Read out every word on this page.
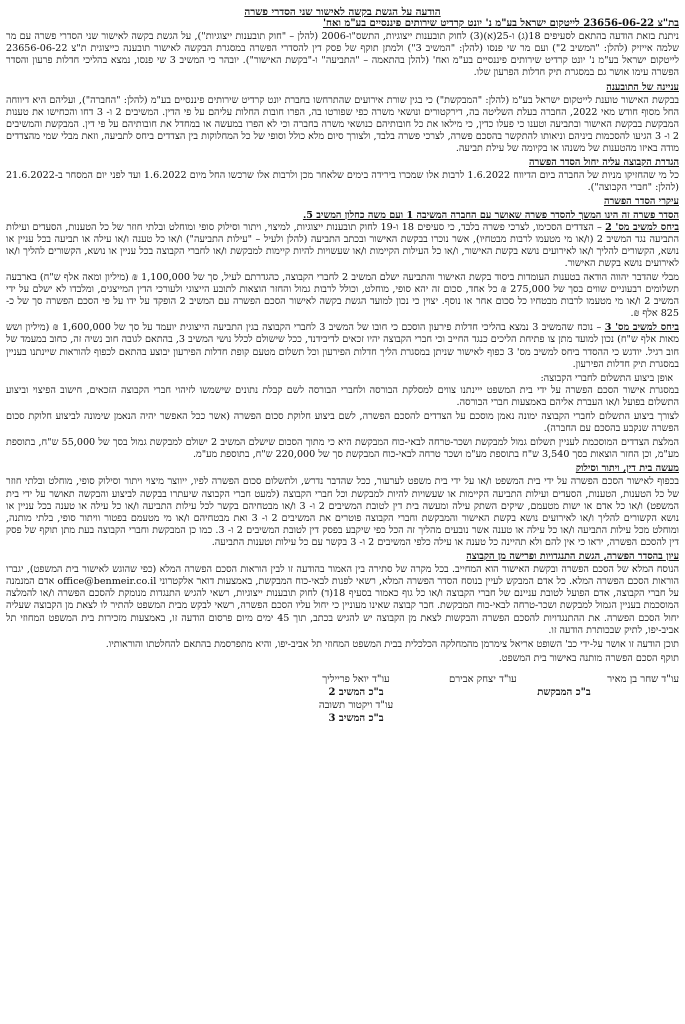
הודעה על הגשת בקשה לאישור שני הסדרי פשרה
בת"צ 23656-06-22 לייטקום ישראל בע"מ נ' יונט קרדיט שירותים פיננסיים בע"מ ואח'

ניתנת בזאת הודעה בהתאם לסעיפים 18(ג) ו-25(א)(3) לחוק תובענות ייצוגיות, התשס"ו-2006 (להלן – "חוק תובענות ייצוגיות"), על הגשת בקשה לאישור שני הסדרי פשרה עם מר שלמה אייזיק (להלן: "המשיב 2") ועם מר שי פנסו (להלן: "המשיב 3") ולמתן תוקף של פסק דין להסדרי הפשרה במסגרת הבקשה לאישור תובענה כייצוגית ת"צ 23656-06-22 לייטקום ישראל בע"מ נ' יונט קרדיט שירותים פיננסיים בע"מ ואח' (להלן בהתאמה – "התביעה" ו-"בקשת האישור"). יובהר כי המשיב 3 שי פנסו, נמצא בהליכי חדלות פרעון והסדר הפשרה עימו אושר גם במסגרת תיק חדלות הפרעון שלו.

עניינה של התובענה

בבקשת האישור טוענת לייטקום ישראל בע"מ (להלן: "המבקשת") כי בגין שורת אירועים שהתרחשו בחברת יונט קרדיט שירותים פיננסיים בע"מ (להלן: "החברה"), ועליהם היא דיווחה החל מסוף חודש מאי 2022, החברה בעלת השליטה בה, דירקטורים ונושאי משרה כפי שפורטו בה, הפרו חובות החלות עליהם על פי הדין. המשיבים 2 ו- 3 דחו והכחישו את טענות המבקשת בבקשת האישור ובתביעה וטענו כי פעלו כדין, כי מילאו את כל חובותיהם כנושאי משרה בחברה וכי לא הפרו במעשה או במחדל את חובותיהם על פי דין. המבקשת והמשיבים 2 ו- 3 הגיעו להסכמות ביניהם וניאותו להתקשר בהסכם פשרה, לצרכי פשרה בלבד, ולצורך סיום מלא כולל וסופי של כל המחלוקות בין הצדדים ביחס לתביעה, וזאת מבלי שמי מהצדדים מודה באיזו מהטענות של משנהו או בקיומה של עילת תביעה.

הגדרת הקבוצה עליה יחול הסדר הפשרה

כל מי שהחזיקו מניות של החברה ביום הדיווח 1.6.2022 לרבות אלו שמכרו בירידה בימים שלאחר מכן ולרבות אלו שרכשו החל מיום 1.6.2022 ועד לפני יום המסחר ב-21.6.2022 (להלן: "חברי הקבוצה").

עיקרי הסדר הפשרה
הסדר פשרה זה הינו המשך להסדר פשרה שאושר עם החברה המשיבה 1 ועם משה כחלון המשיב 5.

ביחס למשיב מס' 2 – הצדדים הסכימו, לצרכי פשרה בלבד, כי סעיפים 18 ו-19 לחוק תובענות ייצוגיות, למיצוי, ויתור וסילוק סופי ומוחלט ובלתי חוזר של כל הטענות, הסעדים ועילות התביעה נגד המשיב 2 (ו/או מי מטעמו לרבות מבטחיו), אשר נוכרו בבקשת האישור ובכתב התביעה (להלן ולעיל – "עילות התביעה") ו/או כל טענה ו/או עילה או תביעה בכל עניין או נושא, הקשורים להליך ו/או לאירועים נושא בקשת האישור, ו/או כל העילות הקיימות ו/או שעשויות להיות קיימות למבקשת ו/או לחברי הקבוצה בכל עניין או נושא, הקשורים להליך ו/או לאירועים נושא בקשת האישור.

מבלי שהדבר יהווה הודאה בטענות העומדות ביסוד בקשת האישור והתביעה ישלם המשיב 2 לחברי הקבוצה, כהגדרתם לעיל, סך של 1,100,000 ₪ (מיליון ומאה אלף ש"ח) בארבעה תשלומים רבעוניים שווים בסך של 275,000 ₪ כל אחד, סכום זה יהא סופי, מוחלט, וכולל לרבות גמול והחזר הוצאות לתובע הייצוגי ולעורכי הדין המייצגים, ומלבדו לא ישלם על ידי המשיב 2 ו/או מי מטעמו לרבות מבטחיו כל סכום אחר או נוסף. יצוין כי נכון למועד הגשת בקשה לאישור הסכם הפשרה עם המשיב 2 הופקד על ידו על פי הסכם הפשרה סך של כ- 825 אלף ₪.

ביחס למשיב מס' 3 – נוכח שהמשיב 3 נמצא בהליכי חדלות פירעון הוסכם כי חובו של המשיב 3 לחברי הקבוצה בגין התביעה הייצוגית יועמד על סך של 1,600,000 ₪ (מיליון ושש מאות אלף ש"ח) נכון למועד מתן צו פתיחת הליכים כנגד החייב וכי חברי הקבוצה יהיו זכאים לדיבידנד, ככל שישולם לכלל נושי המשיב 3, בהתאם לגובה חוב נשיה זה, כחוב במעמד של חוב רגיל. יודגש כי ההסדר ביחס למשיב מס' 3 כפוף לאישור שניתן במסגרת הליך חדלות הפירעון וכל תשלום מטעם קופת חדלות הפירעון יבוצע בהתאם לכפוף להוראות שיינתנו בעניין במסגרת תיק חדלות הפירעון.

אופן ביצוע התשלום לחברי הקבוצה:

במסגרת אישור הסכם הפשרה על ידי בית המשפט ייינתנו צווים למסלקת הבורסה ולחברי הבורסה לשם קבלת נתונים שישמשו לזיהוי חברי הקבוצה הזכאים, חישוב הפיצוי וביצוע התשלום בפועל ו/או העברת אליהם באמצעות חברי הבורסה.

לצורך ביצוע התשלום לחברי הקבוצה ימונה נאמן מוסכם על הצדדים להסכם הפשרה, לשם ביצוע חלוקת סכום הפשרה (אשר ככל האפשר יהיה הנאמן שימונה לביצוע חלוקת סכום הפשרה שנקבע בהסכם עם החברה).

המלצת הצדדים המוסכמת לעניין תשלום גמול למבקשת ושכר-טרחה לבאי-כוח המבקשת היא כי מתוך הסכום שישלם המשיב 2 ישולם למבקשת גמול בסך של 55,000 ש"ח, בתוספת מע"מ, וכן החזר הוצאות בסך 3,540 ש"ח בתוספת מע"מ ושכר טרחה לבאי-כוח המבקשת סך של 220,000 ש"ח, בתוספת מע"מ.

מעשה בית דין, ויתור וסילוק

בכפוף לאישור הסכם הפשרה על ידי בית המשפט ו/או על ידי בית משפט לערעור, ככל שהדבר נדרש, ולתשלום סכום הפשרה לפיו, ייווצר מיצוי ויתור וסילוק סופי, מוחלט ובלתי חוזר של כל הטענות, הטענות, הסעדים ועילות התביעה הקיימות או שעשויות להיות למבקשת וכל חברי הקבוצה (למעט חברי הקבוצה שיעתרו בבקשה לביצוע והבקשה תאושר על ידי בית המשפט) ו/או כל אדם או ישות מטעמם, שיקים השתק עילה ומעשה בית דין לטובת המשיבים 2 ו- 3 ו/או מבטחיהם בקשר לכל עילות התביעה ו/או כל עילה או טענה בכל עניין או נושא הקשורים להליך ו/או לאירועים נושא בקשת האישור והמבקשת וחברי הקבוצה פוטרים את המשיבים 2 ו- 3 ואת מבטחיהם ו/או מי מטעמם בפטור וויתור סופי, בלתי מותנה, ומוחלט מכל עילות התביעה ו/או כל עילה או טענה אשר נובעים מהליך זה הכל כפי שיקבע בפסק דין לטובת המשיבים 2 ו- 3. כמו כן המבקשת וחברי הקבוצה בעת מתן תוקף של פסק דין להסכם הפשרה, יראו כי אין להם ולא תהיינה כל טענה או עילה כלפי המשיבים 2 ו- 3 בקשר עם כל עילות וטענות התביעה.

עיון בהסדר הפשרה, הגשת התנגדויות ופרישה מן הקבוצה

הנוסח המלא של הסכם הפשרה ובקשת האישור הוא המחייב. בכל מקרה של סתירה בין האמור בהודעה זו לבין הוראות הסכם הפשרה המלא (כפי שהוגש לאישור בית המשפט), יגברו הוראות הסכם הפשרה המלא. כל אדם המבקש לעיין בנוסח הסדר הפשרה המלא, רשאי לפנות לבאי-כוח המבקשת, באמצעות דואר אלקטרוני office@benmeir.co.il אדם המנמנה על חברי הקבוצה, אדם הפועל לטובת עניינם של חברי הקבוצה ו/או כל גוף כאמור בסעיף 18(ד) לחוק תובענות ייצוגיות, רשאי להגיש התנגדות מנומקת להסכם הפשרה ו/או להמלצה המוסכמת בעניין הגמול למבקשת ושכר-טרחה לבאי-כוח המבקשת. חבר קבוצה שאינו מעוניין כי יחול עליו הסכם הפשרה, רשאי לבקש מבית המשפט להתיר לו לצאת מן הקבוצה שעליה יחול הסכם הפשרה. את ההתנגדויות להסכם הפשרה והבקשות לצאת מן הקבוצה יש להגיש בכתב, תוך 45 ימים מיום פרסום הודעה זו, באמצעות מזכירות בית המשפט המחוזי תל אביב-יפו, לתיק שבכותרת הודעה זו.

תוכן הודעה זו אושר על-ידי כב' השופט אריאל צימרמן מהמחלקה הכלכלית בבית המשפט המחוזי תל אביב-יפו, והיא מתפרסמת בהתאם להחלטתו והוראותיו.

תוקף הסכם הפשרה מותנה באישור בית המשפט.

עו"ד שחר בן מאיר
עו"ד יצחק אבירם
ב"כ המבקשת
עו"ד יואל פרייליך
ב"כ המשיב 2
עו"ד ויקטור תשובה
ב"כ המשיב 3
